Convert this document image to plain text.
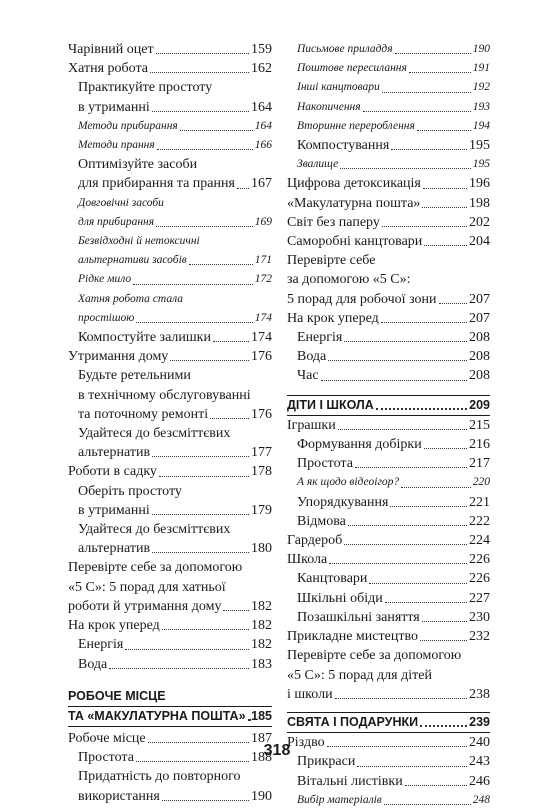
Чарівний оцет	159
Хатня робота	162
Практикуйте простоту
в утриманні	164
Методи прибирання	164
Методи прання	166
Оптимізуйте засоби
для прибирання та прання 167
Довговічні засоби
для прибирання	169
Безвідходні й нетоксичні
альтернативи засобів	171
Рідке мило	172
Хатня робота стала
простішою	174
Компостуйте залишки	174
Утримання дому	176
Будьте ретельними
в технічному обслуговуванні
та поточному ремонті	176
Удайтеся до безсміттєвих
альтернатив	177
Роботи в садку	178
Оберіть простоту
в утриманні	179
Удайтеся до безсміттєвих
альтернатив	180
Перевірте себе за допомогою
«5 С»: 5 порад для хатньої
роботи й утримання дому 182
На крок уперед	182
Енергія	182
Вода	183
РОБОЧЕ МІСЦЕ
ТА «МАКУЛАТУРНА ПОШТА» 185
Робоче місце	187
Простота	188
Придатність до повторного
використання	190
Письмове приладдя	190
Поштове пересилання	191
Інші канцтовари	192
Накопичення	193
Вторинне перероблення	194
Компостування	195
Звалище	195
Цифрова детоксикація	196
«Макулатурна пошта»	198
Світ без паперу	202
Саморобні канцтовари	204
Перевірте себе
за допомогою «5 С»:
5 порад для робочої зони 207
На крок уперед	207
Енергія	208
Вода	208
Час	208
ДІТИ І ШКОЛА	209
Іграшки	215
Формування добірки	216
Простота	217
А як щодо відеоігор?	220
Упорядкування	221
Відмова	222
Гардероб	224
Школа	226
Канцтовари	226
Шкільні обіди	227
Позашкільні заняття	230
Прикладне мистецтво	232
Перевірте себе за допомогою
«5 С»: 5 порад для дітей
і школи	238
СВЯТА І ПОДАРУНКИ	239
Різдво	240
Прикраси	243
Вітальні листівки	246
Вибір матеріалів	248
318
